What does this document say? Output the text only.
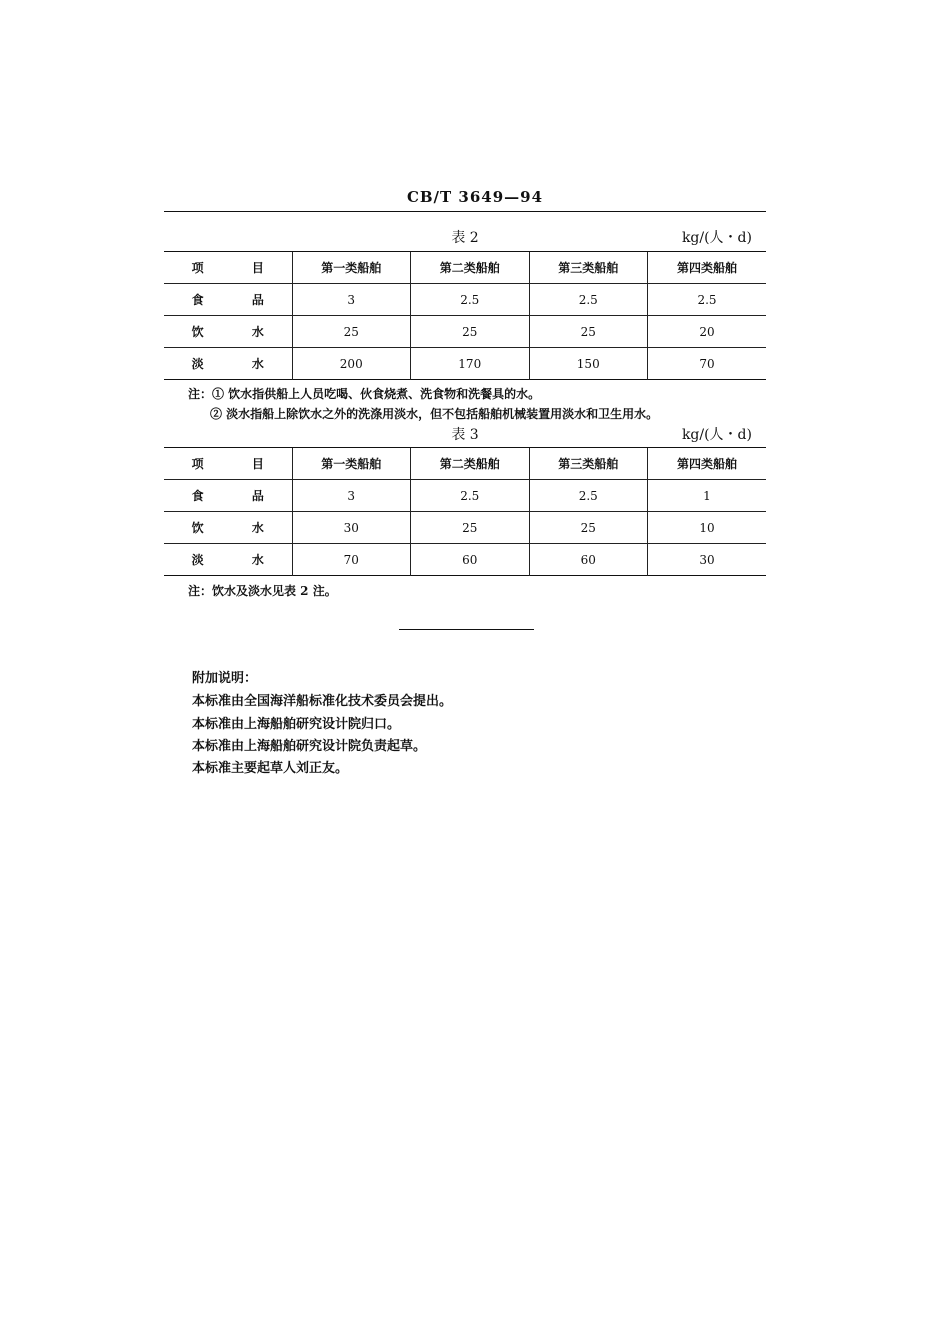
CB/T 3649—94
表 2	kg/(人・d)
项 目	第一类船舶	第二类船舶	第三类船舶	第四类船舶
食 品	3	2.5	2.5	2.5
饮 水	25	25	25	20
淡 水	200	170	150	70
注：① 饮水指供船上人员吃喝、伙食烧煮、洗食物和洗餐具的水。
② 淡水指船上除饮水之外的洗涤用淡水，但不包括船舶机械装置用淡水和卫生用水。
表 3	kg/(人・d)
项 目	第一类船舶	第二类船舶	第三类船舶	第四类船舶
食 品	3	2.5	2.5	1
饮 水	30	25	25	10
淡 水	70	60	60	30
注：饮水及淡水见表 2 注。
附加说明：
本标准由全国海洋船标准化技术委员会提出。
本标准由上海船舶研究设计院归口。
本标准由上海船舶研究设计院负责起草。
本标准主要起草人刘正友。
